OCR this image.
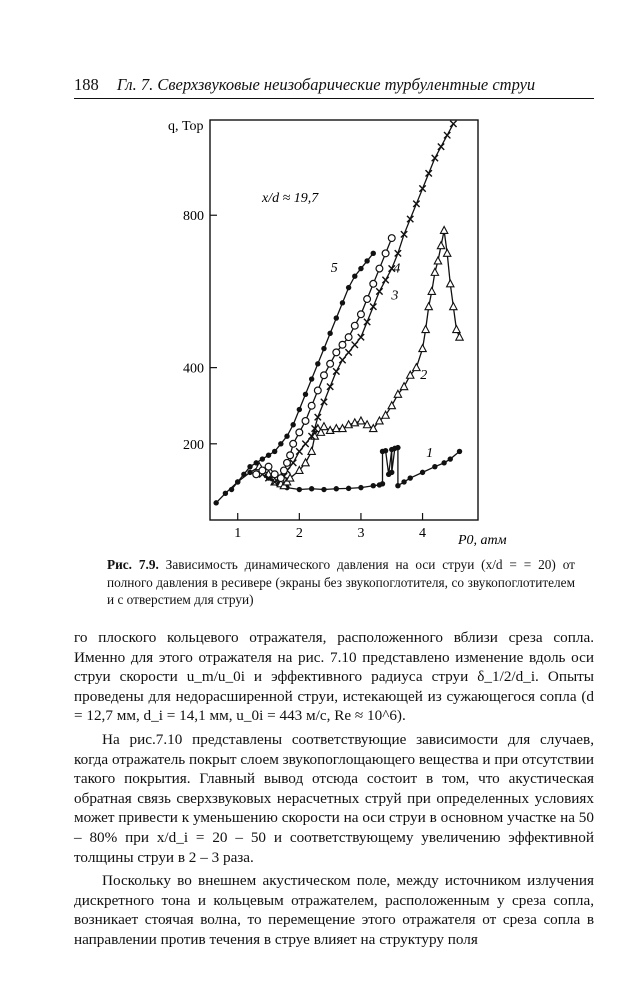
188 Гл. 7. Сверхзвуковые неизобарические турбулентные струи
1	2	3	4
200
400
800
q, Тор
P0, атм
x/d ≈ 19,7
1
2
3
4
5
Рис. 7.9. Зависимость динамического давления на оси струи (x/d = = 20) от полного давления в ресивере (экраны без звукопоглотителя, со звукопоглотителем и с отверстием для струи)

го плоского кольцевого отражателя, расположенного вблизи среза сопла. Именно для этого отражателя на рис. 7.10 представлено изменение вдоль оси струи скорости u_m/u_0i и эффективного радиуса струи δ_1/2/d_i. Опыты проведены для недорасширенной струи, истекающей из сужающегося сопла (d = 12,7 мм, d_i = 14,1 мм, u_0i = 443 м/с, Re ≈ 10^6).

На рис.7.10 представлены соответствующие зависимости для случаев, когда отражатель покрыт слоем звукопоглощающего вещества и при отсутствии такого покрытия. Главный вывод отсюда состоит в том, что акустическая обратная связь сверхзвуковых нерасчетных струй при определенных условиях может привести к уменьшению скорости на оси струи в основном участке на 50 – 80% при x/d_i = 20 – 50 и соответствующему увеличению эффективной толщины струи в 2 – 3 раза.

Поскольку во внешнем акустическом поле, между источником излучения дискретного тона и кольцевым отражателем, расположенным у среза сопла, возникает стоячая волна, то перемещение этого отражателя от среза сопла в направлении против течения в струе влияет на структуру поля
